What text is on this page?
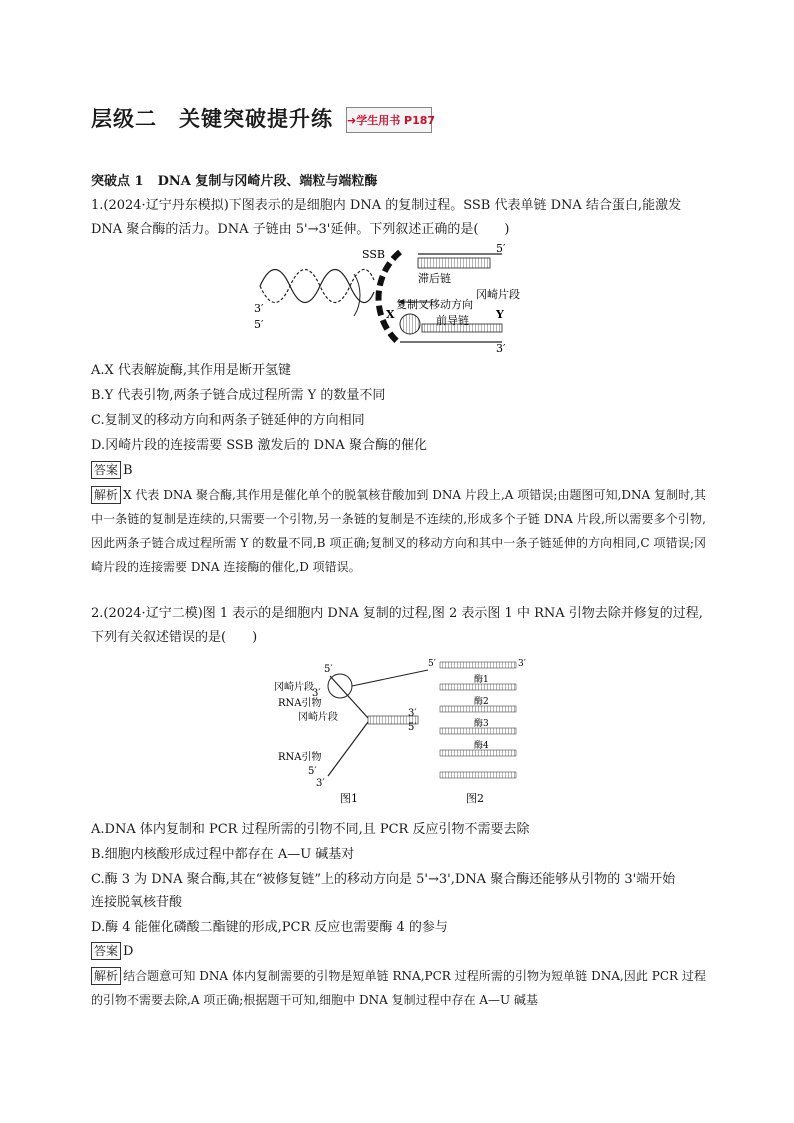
层级二 关键突破提升练 ➜学生用书 P187
突破点 1 DNA 复制与冈崎片段、端粒与端粒酶
1.(2024·辽宁丹东模拟)下图表示的是细胞内 DNA 的复制过程。SSB 代表单链 DNA 结合蛋白,能激发 DNA 聚合酶的活力。DNA 子链由 5'→3'延伸。下列叙述正确的是(　　)
SSB	5′
滞后链
冈崎片段
3′
5′
复制叉移动方向
X	前导链 Y
3′
A.X 代表解旋酶,其作用是断开氢键
B.Y 代表引物,两条子链合成过程所需 Y 的数量不同
C.复制叉的移动方向和两条子链延伸的方向相同
D.冈崎片段的连接需要 SSB 激发后的 DNA 聚合酶的催化
答案 B
解析 X 代表 DNA 聚合酶,其作用是催化单个的脱氧核苷酸加到 DNA 片段上,A 项错误;由题图可知,DNA 复制时,其中一条链的复制是连续的,只需要一个引物,另一条链的复制是不连续的,形成多个子链 DNA 片段,所以需要多个引物,因此两条子链合成过程所需 Y 的数量不同,B 项正确;复制叉的移动方向和其中一条子链延伸的方向相同,C 项错误;冈崎片段的连接需要 DNA 连接酶的催化,D 项错误。
2.(2024·辽宁二模)图 1 表示的是细胞内 DNA 复制的过程,图 2 表示图 1 中 RNA 引物去除并修复的过程,下列有关叙述错误的是(　　)
5′
冈崎片段
3′
RNA引物
冈崎片段	3′
5′
RNA引物
5′
3′
图1
5′	3′
酶1
酶2
酶3
酶4
图2
A.DNA 体内复制和 PCR 过程所需的引物不同,且 PCR 反应引物不需要去除
B.细胞内核酸形成过程中都存在 A—U 碱基对
C.酶 3 为 DNA 聚合酶,其在“被修复链”上的移动方向是 5'→3',DNA 聚合酶还能够从引物的 3'端开始
连接脱氧核苷酸
D.酶 4 能催化磷酸二酯键的形成,PCR 反应也需要酶 4 的参与
答案 D
解析 结合题意可知 DNA 体内复制需要的引物是短单链 RNA,PCR 过程所需的引物为短单链 DNA,因此 PCR 过程的引物不需要去除,A 项正确;根据题干可知,细胞中 DNA 复制过程中存在 A—U 碱基
